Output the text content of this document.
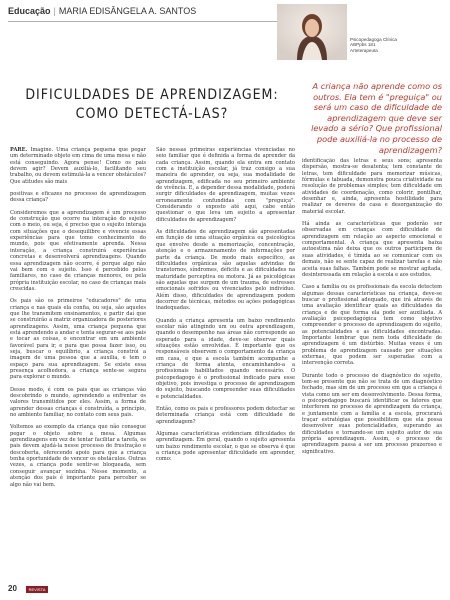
Educação | MARIA EDISÂNGELA A. SANTOS
Psicopedagoga Clínica
ABPpbs 181
Arteterapeuta
DIFICULDADES DE APRENDIZAGEM:
COMO DETECTÁ-LAS?
A criança não aprende como os outros. Ela tem é "preguiça" ou será um caso de dificuldade de aprendizagem que deve ser levado a sério? Que profissional pode auxiliá-la no processo de aprendizagem?

PARE. Imagine. Uma criança pequena que pegar um determinado objeto em cima de uma mesa e não está conseguindo. Agora pense! Como os pais devem agir? Devem auxiliá-lo, facilitando seu trabalho, ou devem estimulá-la a vencer obstáculos? Que atitudes são mais

positivas e eficazes no processo de aprendizagem dessa criança?

Consideremos que a aprendizagem é um processo de construção que ocorre na interação do sujeito com o meio, ou seja, é preciso que o sujeito interaja com situações que o desequilibre e vivencie essas experiências para que tome conhecimento do mundo, pois que efetivamente aprenda. Nessa interação, a criança construirá experiências concretas e desenvolverá aprendizagens. Quando essa aprendizagem não ocorre, é porque algo não vai bem com o sujeito. Isso é percebido pelos familiares, no caso de crianças menores, ou pela própria instituição escolar, no caso de crianças mais crescidas.

Os pais são os primeiros "educadores" de uma criança e nas quais ela confia, ou seja, são aqueles que lhe transmitem ensinamentos, e partir daí que se construirão a matriz organizadora de posteriores aprendizagens. Assim, uma criança pequena que está aprendendo a andar e tenta segurar-se aos pais e tocar as coisas, o encontrar em um ambiente favorável para ir, e para que possa fazer isso, ou seja, buscar o equilíbrio, a criança constrói a imagem de uma pessoa que a auxilia, e tem o espaço para sua aprendizagem. Se existe essa presença acolhedora, a criança sente-se segura para explorar o mundo.

Desse modo, é com os pais que as crianças vão descobrindo o mundo, aprendendo a enfrentar os valores transmitidos por eles. Assim, a forma de aprender dessas crianças é construída, a princípio, no ambiente familiar, no contato com seus pais.

Voltemos ao exemplo da criança que não consegue pegar o objeto sobre a mesa. Algumas aprendizagens em vez de tentar facilitar a tarefa, os pais devem ajudá-la nesse processo de frustração e descoberta, oferecendo apoio para que a criança tenha oportunidade de vencer os obstáculos. Outras vezes, a criança pode sentir-se bloqueada, sem conseguir avançar sozinha. Nesse momento, a atenção dos pais é importante para perceber se algo não vai bem.

São nessas primeiras experiências vivenciadas no seio familiar que é definida a forma de aprender da cada criança. Assim, quando ela entra em contato com a instituição escolar, já traz consigo a sua maneira de aprender, ou seja, sua modalidade de aprendizagem, edificada no seu primeiro ambiente de vivência. E, a depender dessa modalidade, poderá surgir dificuldades de aprendizagem, muitas vezes erroneamente confundidas com "preguiça". Considerando o exposto até aqui, cabe então questionar o que leva um sujeito a apresentar dificuldades de aprendizagem?

As dificuldades de aprendizagem são apresentadas em função de uma situação orgânica ou psicológica que envolve desde a memorização, concentração, atenção e o armazenamento de informações por parte da criança. De modo mais específico, as dificuldades orgânicas são aquelas advindas de transtornos, síndromes, déficits e as dificuldades na maturidade perceptiva ou motora. Já as psicológicas são aquelas que surgem de um trauma, de estresses emocionais sofridos ou vivenciados pelo indivíduo. Além disso, dificuldades de aprendizagem podem decorrer de técnicas, métodos ou ações pedagógicas inadequadas.

Quando a criança apresenta um baixo rendimento escolar não atingindo um ou outra aprendizagem, quando o desempenho nas áreas não corresponde ao esperado para a idade, deve-se observar quais situações estão envolvidas. É importante que os responsáveis observem o comportamento da criança em casa, e que a escola também acompanhe a criança de forma atenta, encaminhando-a a profissionais habilitados quando necessário. O psicopedagogo é o profissional indicado para esse objetivo, pois investiga o processo de aprendizagem do sujeito, buscando compreender suas dificuldades e potencialidades.

Então, como os pais e professores podem detectar se determinada criança está com dificuldade de aprendizagem?

Algumas características evidenciam dificuldades de aprendizagem. Em geral, quando o sujeito apresenta um baixo rendimento escolar, o que se observa é que a criança pode apresentar dificuldade em aprender, como:

identificação das letras e seus sons; apresenta dispersão, mostra-se desatenta; tem constante de letras, tem dificuldade para memorizar músicas, fórmulas e tabuada, demonstra pouca criatividade na resolução de problemas simples; tem dificuldade em atividades de coordenação, como colorir, pontilhar, desenhar e, ainda, apresenta hostilidade para realizar os deveres de casa e desorganização do material escolar.

Há ainda as características que poderão ser observadas em crianças com dificuldade de aprendizagem em relação ao aspecto emocional e comportamental. A criança que apresenta baixa autoestima não deixa que os outros participem de suas atividades, é tímida ao se comunicar com os demais, não se sente capaz de realizar tarefas e não aceita suas falhas. Também pode se mostrar agitada, desinteressada em relação à escola e aos estudos.

Caso a família ou os profissionais da escola detectem algumas dessas características na criança, deve-se buscar o profissional adequado, que irá através de uma avaliação identificar quais as dificuldades da criança e de que forma ela pode ser auxiliada. A avaliação psicopedagógica tem como objetivo compreender o processo de aprendizagem do sujeito, as potencialidades e as dificuldades encontradas. Importante lembrar que nem toda dificuldade de aprendizagem é um distúrbio. Muitas vezes é um problema de aprendizagem causado por situações externas, que podem ser superadas com a intervenção correta.

Durante todo o processo de diagnóstico do sujeito, tem-se presente que não se trata de um diagnóstico fechado, mas sim de um processo em que a criança é vista como um ser em desenvolvimento. Dessa forma, o psicopedagogo buscará identificar os fatores que interferem no processo de aprendizagem da criança, e juntamente com a família e a escola, procurará traçar estratégias que possibilitem que ela possa desenvolver suas potencialidades, superando as dificuldades e tornando-se um sujeito autor de sua própria aprendizagem. Assim, o processo de aprendizagem passa a ser um processo prazeroso e significativo.

20	REVISTA
